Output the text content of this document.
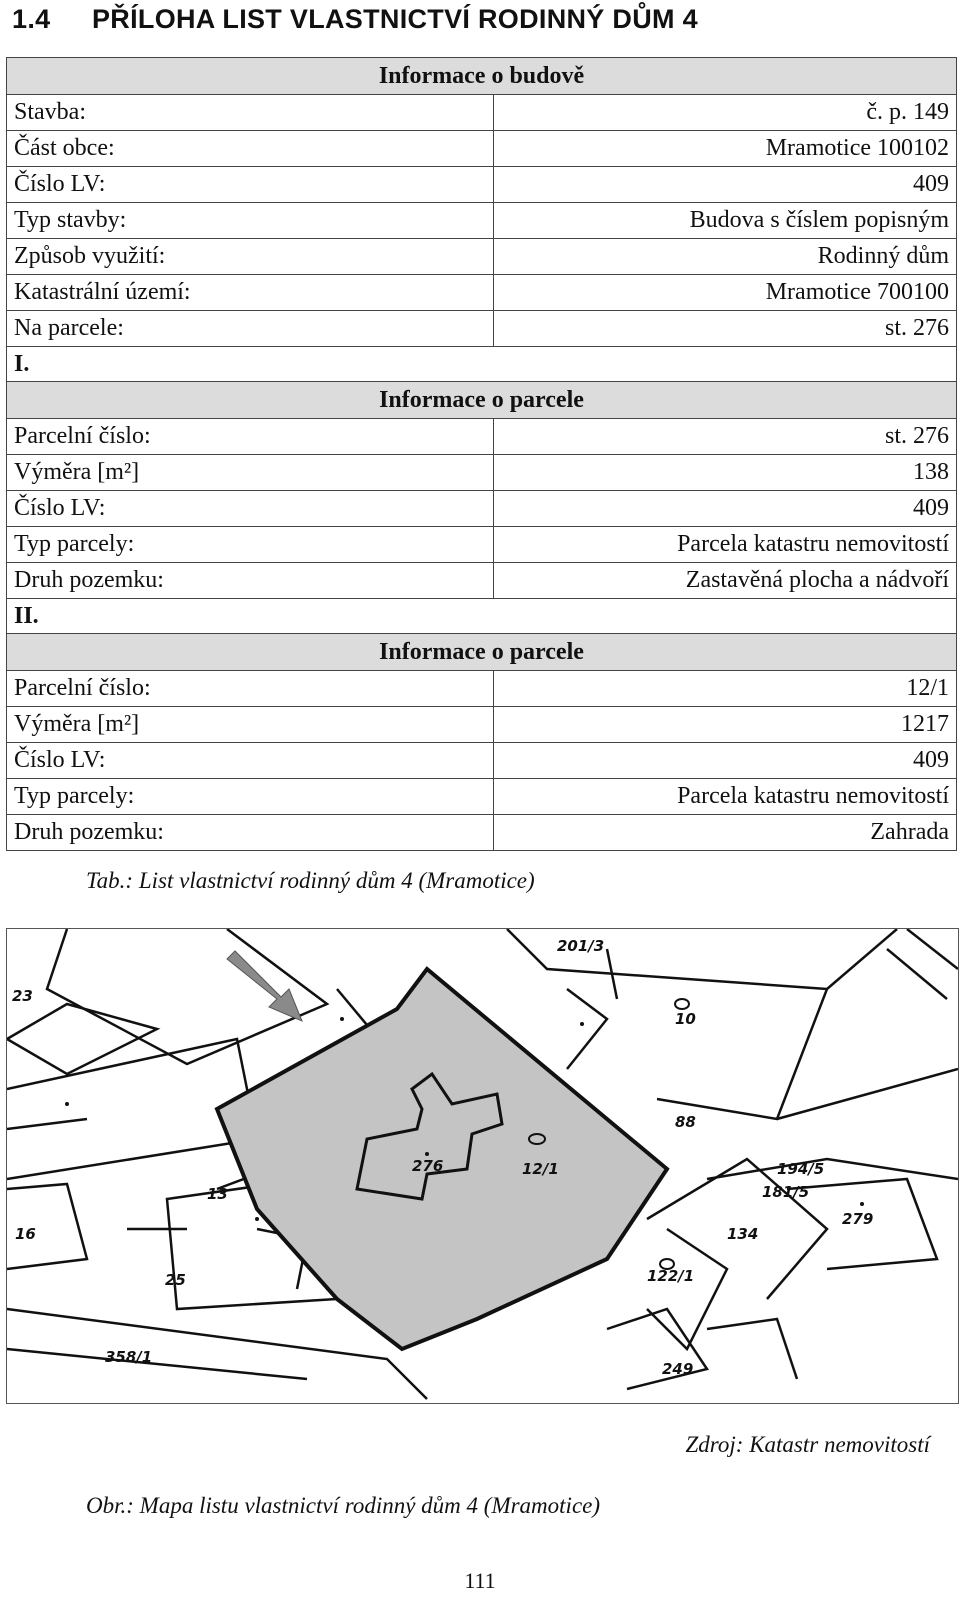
1.4 PŘÍLOHA LIST VLASTNICTVÍ RODINNÝ DŮM 4
Informace o budově	
Stavba:	č. p. 149
Část obce:	Mramotice 100102
Číslo LV:	409
Typ stavby:	Budova s číslem popisným
Způsob využití:	Rodinný dům
Katastrální území:	Mramotice 700100
Na parcele:	st. 276
I.	
Informace o parcele	
Parcelní číslo:	st. 276
Výměra [m²]	138
Číslo LV:	409
Typ parcely:	Parcela katastru nemovitostí
Druh pozemku:	Zastavěná plocha a nádvoří
II.	
Informace o parcele	
Parcelní číslo:	12/1
Výměra [m²]	1217
Číslo LV:	409
Typ parcely:	Parcela katastru nemovitostí
Druh pozemku:	Zahrada
Tab.: List vlastnictví rodinný dům 4 (Mramotice)
201/3
23
10
276	12/1
88
13
16
25
194/5
181/5
279
134
122/1
358/1
249
Zdroj: Katastr nemovitostí
Obr.: Mapa listu vlastnictví rodinný dům 4 (Mramotice)
111
